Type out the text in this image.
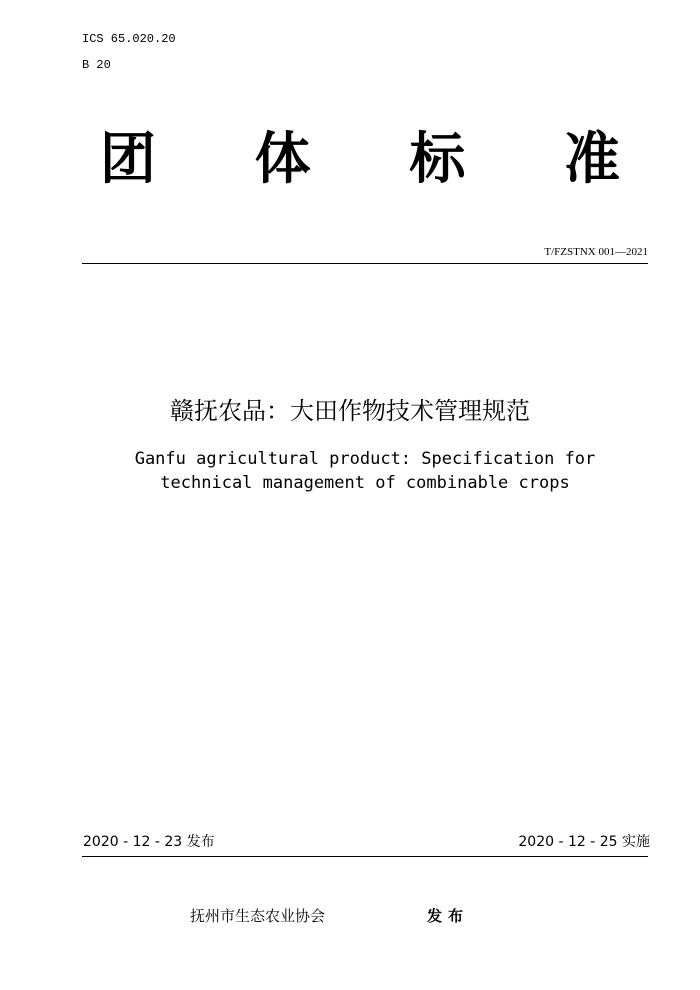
ICS 65.020.20
B 20
团 体 标 准
T/FZSTNX 001—2021
赣抚农品：大田作物技术管理规范
Ganfu agricultural product: Specification for
technical management of combinable crops
2020 - 12 - 23 发布	2020 - 12 - 25 实施
抚州市生态农业协会	发布
